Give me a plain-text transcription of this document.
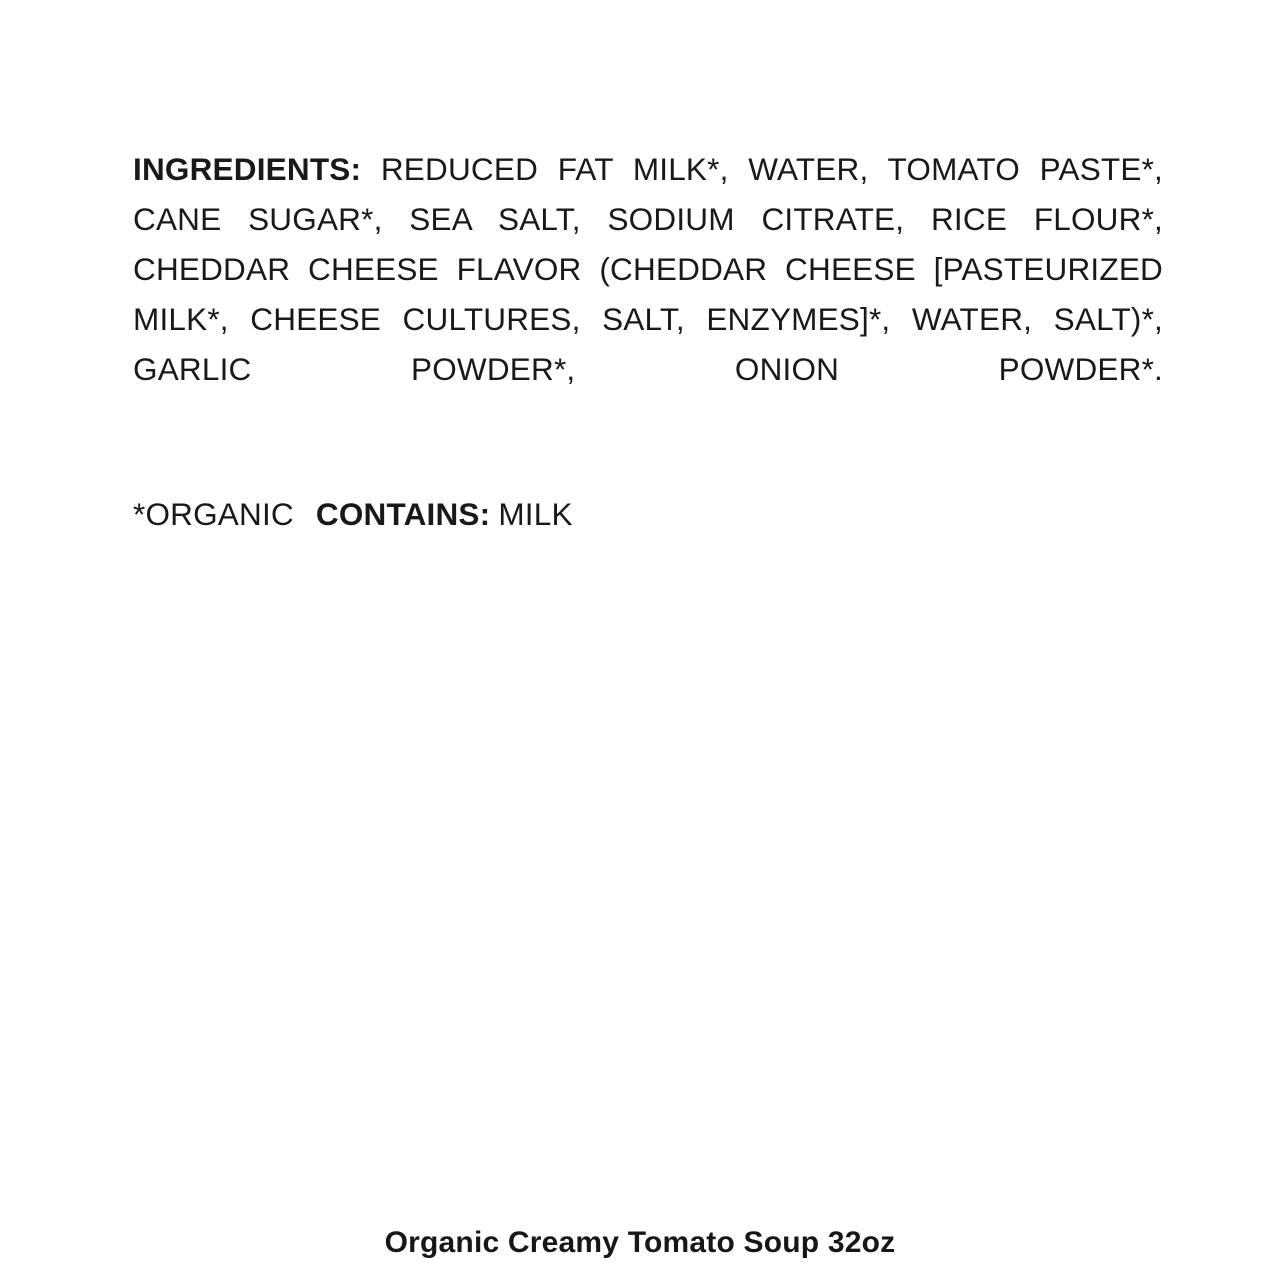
INGREDIENTS: REDUCED FAT MILK*, WATER, TOMATO PASTE*, CANE SUGAR*, SEA SALT, SODIUM CITRATE, RICE FLOUR*, CHEDDAR CHEESE FLAVOR (CHEDDAR CHEESE [PASTEURIZED MILK*, CHEESE CULTURES, SALT, ENZYMES]*, WATER, SALT)*, GARLIC POWDER*, ONION POWDER*.

*ORGANIC CONTAINS: MILK

Organic Creamy Tomato Soup 32oz
